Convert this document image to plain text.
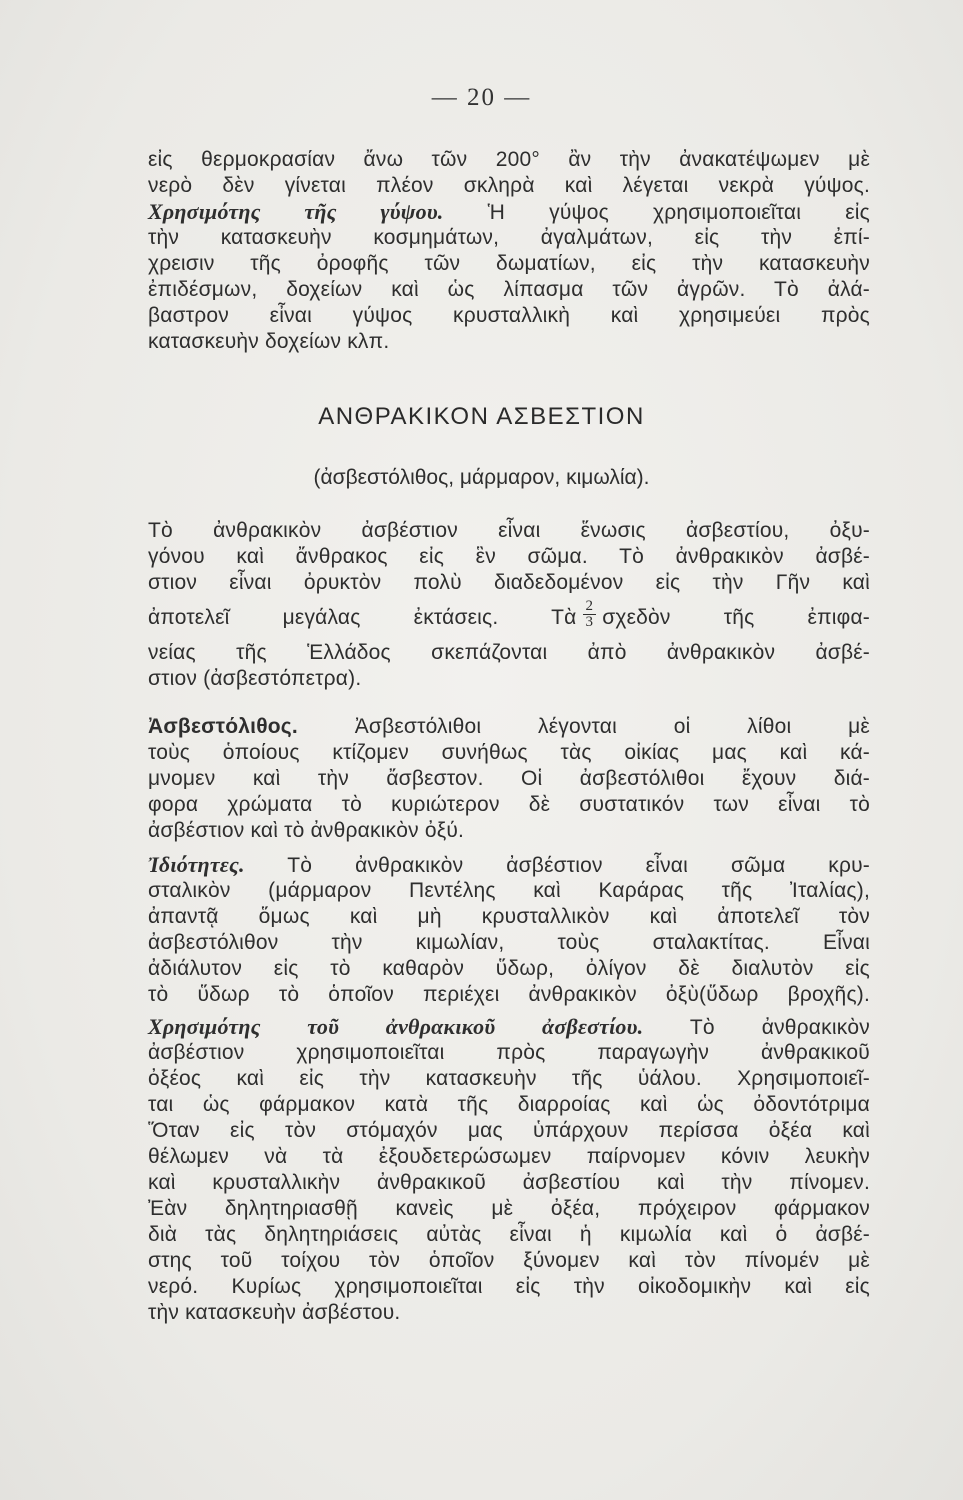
— 20 —
εἰς θερμοκρασίαν ἄνω τῶν 200° ἂν τὴν ἀνακατέψωμεν μὲ
νερὸ δὲν γίνεται πλέον σκληρὰ καὶ λέγεται νεκρὰ γύψος.
Χρησιμότης τῆς γύψου. Ἡ γύψος χρησιμοποιεῖται εἰς
τὴν κατασκευὴν κοσμημάτων, ἀγαλμάτων, εἰς τὴν ἐπί-
χρεισιν τῆς ὀροφῆς τῶν δωματίων, εἰς τὴν κατασκευὴν
ἐπιδέσμων, δοχείων καὶ ὡς λίπασμα τῶν ἀγρῶν. Τὸ ἀλά-
βαστρον εἶναι γύψος κρυσταλλικὴ καὶ χρησιμεύει πρὸς
κατασκευὴν δοχείων κλπ.
ΑΝΘΡΑΚΙΚΟΝ ΑΣΒΕΣΤΙΟΝ
(ἀσβεστόλιθος, μάρμαρον, κιμωλία).
Τὸ ἀνθρακικὸν ἀσβέστιον εἶναι ἕνωσις ἀσβεστίου, ὀξυ-
γόνου καὶ ἄνθρακος εἰς ἓν σῶμα. Τὸ ἀνθρακικὸν ἀσβέ-
στιον εἶναι ὀρυκτὸν πολὺ διαδεδομένον εἰς τὴν Γῆν καὶ
ἀποτελεῖ μεγάλας ἐκτάσεις. Τὰ $\frac{2}{3}$ σχεδὸν τῆς ἐπιφα-
νείας τῆς Ἑλλάδος σκεπάζονται ἀπὸ ἀνθρακικὸν ἀσβέ-
στιον (ἀσβεστόπετρα).
Ἀσβεστόλιθος.	Ἀσβεστόλιθοι λέγονται οἱ λίθοι μὲ
τοὺς ὁποίους κτίζομεν συνήθως τὰς οἰκίας μας καὶ κά-
μνομεν καὶ τὴν ἄσβεστον. Οἱ ἀσβεστόλιθοι ἔχουν διά-
φορα χρώματα τὸ κυριώτερον δὲ συστατικόν των εἶναι τὸ
ἀσβέστιον καὶ τὸ ἀνθρακικὸν ὀξύ.
Ἰδιότητες. Τὸ ἀνθρακικὸν ἀσβέστιον εἶναι σῶμα κρυ-
σταλικὸν (μάρμαρον Πεντέλης καὶ Καράρας τῆς Ἰταλίας),
ἀπαντᾷ ὅμως καὶ μὴ κρυσταλλικὸν καὶ ἀποτελεῖ τὸν
ἀσβεστόλιθον τὴν κιμωλίαν, τοὺς σταλακτίτας. Εἶναι
ἀδιάλυτον εἰς τὸ καθαρὸν ὕδωρ, ὀλίγον δὲ διαλυτὸν εἰς
τὸ ὕδωρ τὸ ὁποῖον περιέχει ἀνθρακικὸν ὀξὺ(ὕδωρ βροχῆς).
Χρησιμότης τοῦ ἀνθρακικοῦ ἀσβεστίου. Τὸ ἀνθρακικὸν
ἀσβέστιον χρησιμοποιεῖται πρὸς παραγωγὴν ἀνθρακικοῦ
ὀξέος καὶ εἰς τὴν κατασκευὴν τῆς ὑάλου. Χρησιμοποιεῖ-
ται ὡς φάρμακον κατὰ τῆς διαρροίας καὶ ὡς ὀδοντότριμα
Ὅταν εἰς τὸν στόμαχόν μας ὑπάρχουν περίσσα ὀξέα καὶ
θέλωμεν νὰ τὰ ἐξουδετερώσωμεν παίρνομεν κόνιν λευκὴν
καὶ κρυσταλλικὴν ἀνθρακικοῦ ἀσβεστίου καὶ τὴν πίνομεν.
Ἐὰν δηλητηριασθῇ κανεὶς μὲ ὀξέα, πρόχειρον φάρμακον
διὰ τὰς δηλητηριάσεις αὐτὰς εἶναι ἡ κιμωλία καὶ ὁ ἀσβέ-
στης τοῦ τοίχου τὸν ὁποῖον ξύνομεν καὶ τὸν πίνομέν μὲ
νερό. Κυρίως χρησιμοποιεῖται εἰς τὴν οἰκοδομικὴν καὶ εἰς
τὴν κατασκευὴν ἀσβέστου.
